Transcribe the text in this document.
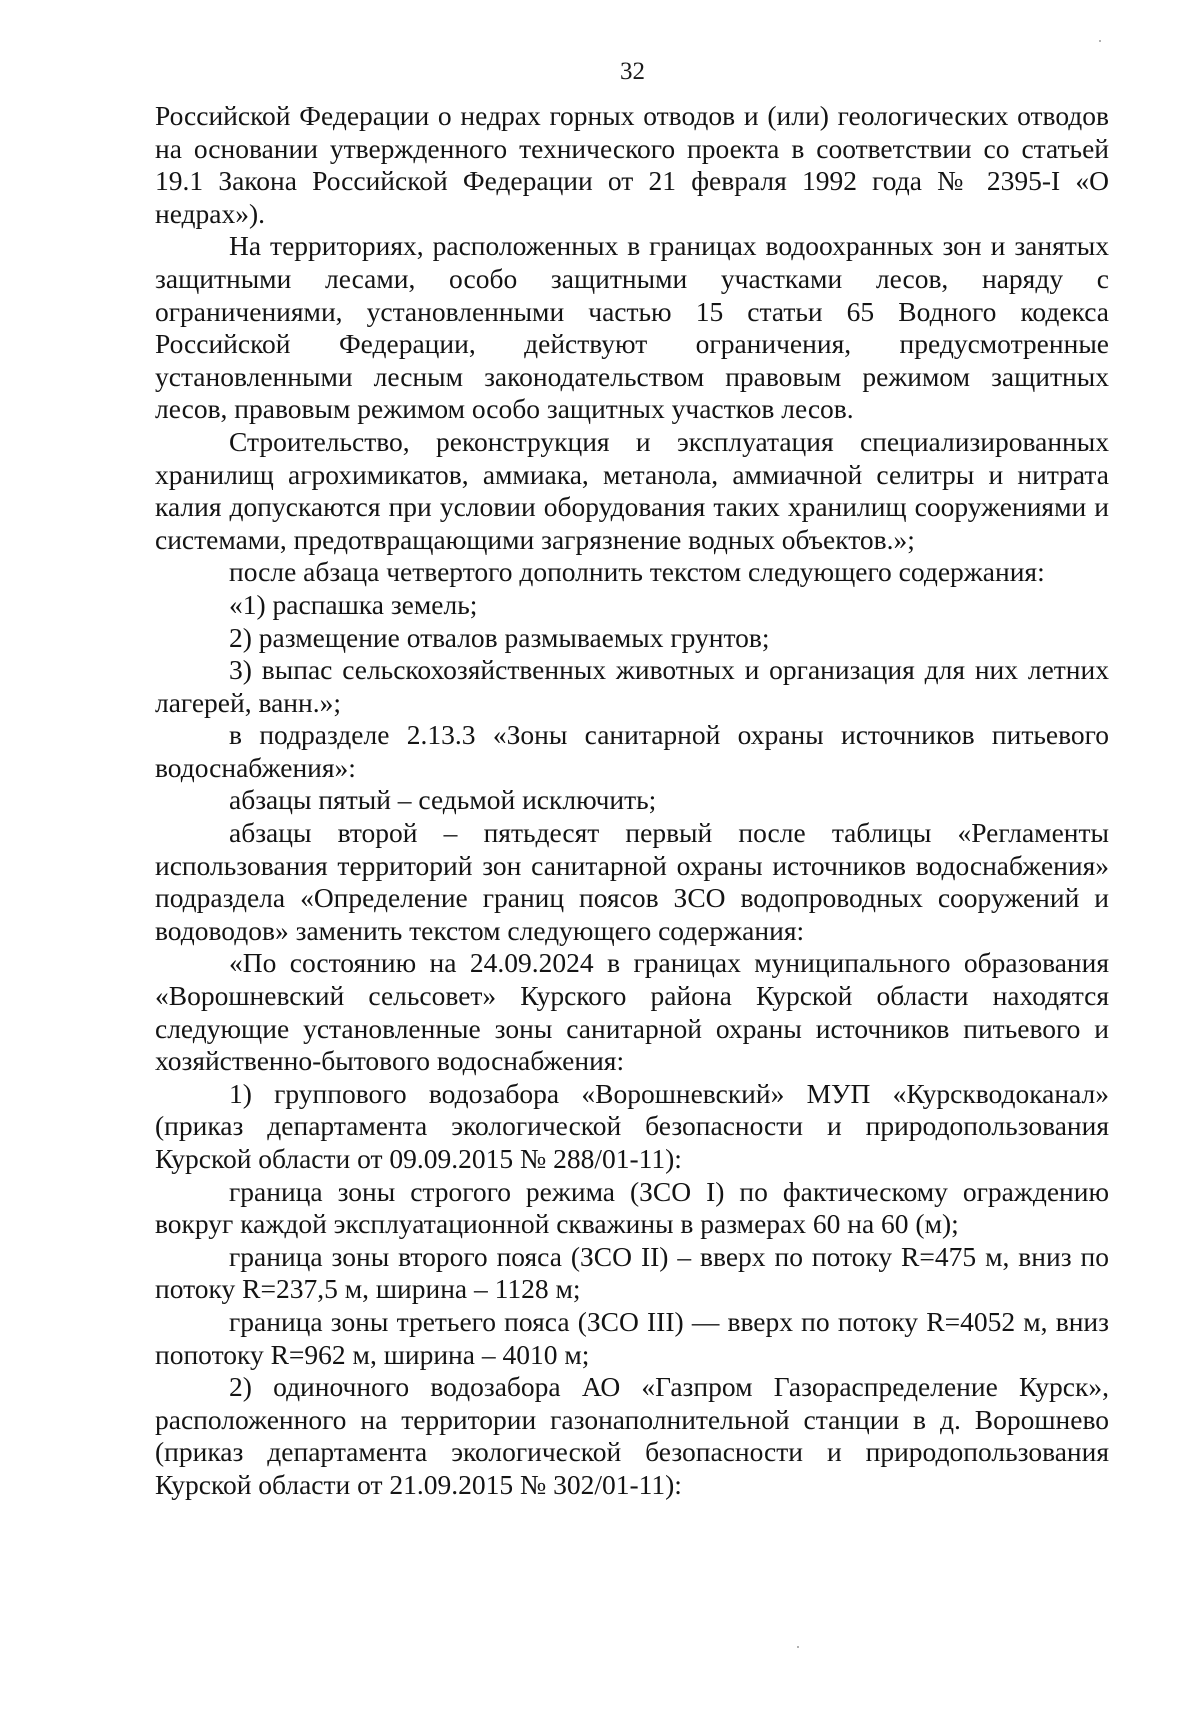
32

Российской Федерации о недрах горных отводов и (или) геологических отводов на основании утвержденного технического проекта в соответствии со статьей 19.1 Закона Российской Федерации от 21 февраля 1992 года № 2395-I «О недрах»).

На территориях, расположенных в границах водоохранных зон и занятых защитными лесами, особо защитными участками лесов, наряду с ограничениями, установленными частью 15 статьи 65 Водного кодекса Российской Федерации, действуют ограничения, предусмотренные установленными лесным законодательством правовым режимом защитных лесов, правовым режимом особо защитных участков лесов.

Строительство, реконструкция и эксплуатация специализированных хранилищ агрохимикатов, аммиака, метанола, аммиачной селитры и нитрата калия допускаются при условии оборудования таких хранилищ сооружениями и системами, предотвращающими загрязнение водных объектов.»;

после абзаца четвертого дополнить текстом следующего содержания:

«1) распашка земель;

2) размещение отвалов размываемых грунтов;

3) выпас сельскохозяйственных животных и организация для них летних лагерей, ванн.»;

в подразделе 2.13.3 «Зоны санитарной охраны источников питьевого водоснабжения»:

абзацы пятый – седьмой исключить;

абзацы второй – пятьдесят первый после таблицы «Регламенты использования территорий зон санитарной охраны источников водоснабжения» подраздела «Определение границ поясов ЗСО водопроводных сооружений и водоводов» заменить текстом следующего содержания:

«По состоянию на 24.09.2024 в границах муниципального образования «Ворошневский сельсовет» Курского района Курской области находятся следующие установленные зоны санитарной охраны источников питьевого и хозяйственно-бытового водоснабжения:

1) группового водозабора «Ворошневский» МУП «Курскводоканал» (приказ департамента экологической безопасности и природопользования Курской области от 09.09.2015 № 288/01-11):

граница зоны строгого режима (ЗСО I) по фактическому ограждению вокруг каждой эксплуатационной скважины в размерах 60 на 60 (м);

граница зоны второго пояса (ЗСО II) – вверх по потоку R=475 м, вниз по потоку R=237,5 м, ширина – 1128 м;

граница зоны третьего пояса (ЗСО III) — вверх по потоку R=4052 м, вниз попотоку R=962 м, ширина – 4010 м;

2) одиночного водозабора АО «Газпром Газораспределение Курск», расположенного на территории газонаполнительной станции в д. Ворошнево (приказ департамента экологической безопасности и природопользования Курской области от 21.09.2015 № 302/01-11):
